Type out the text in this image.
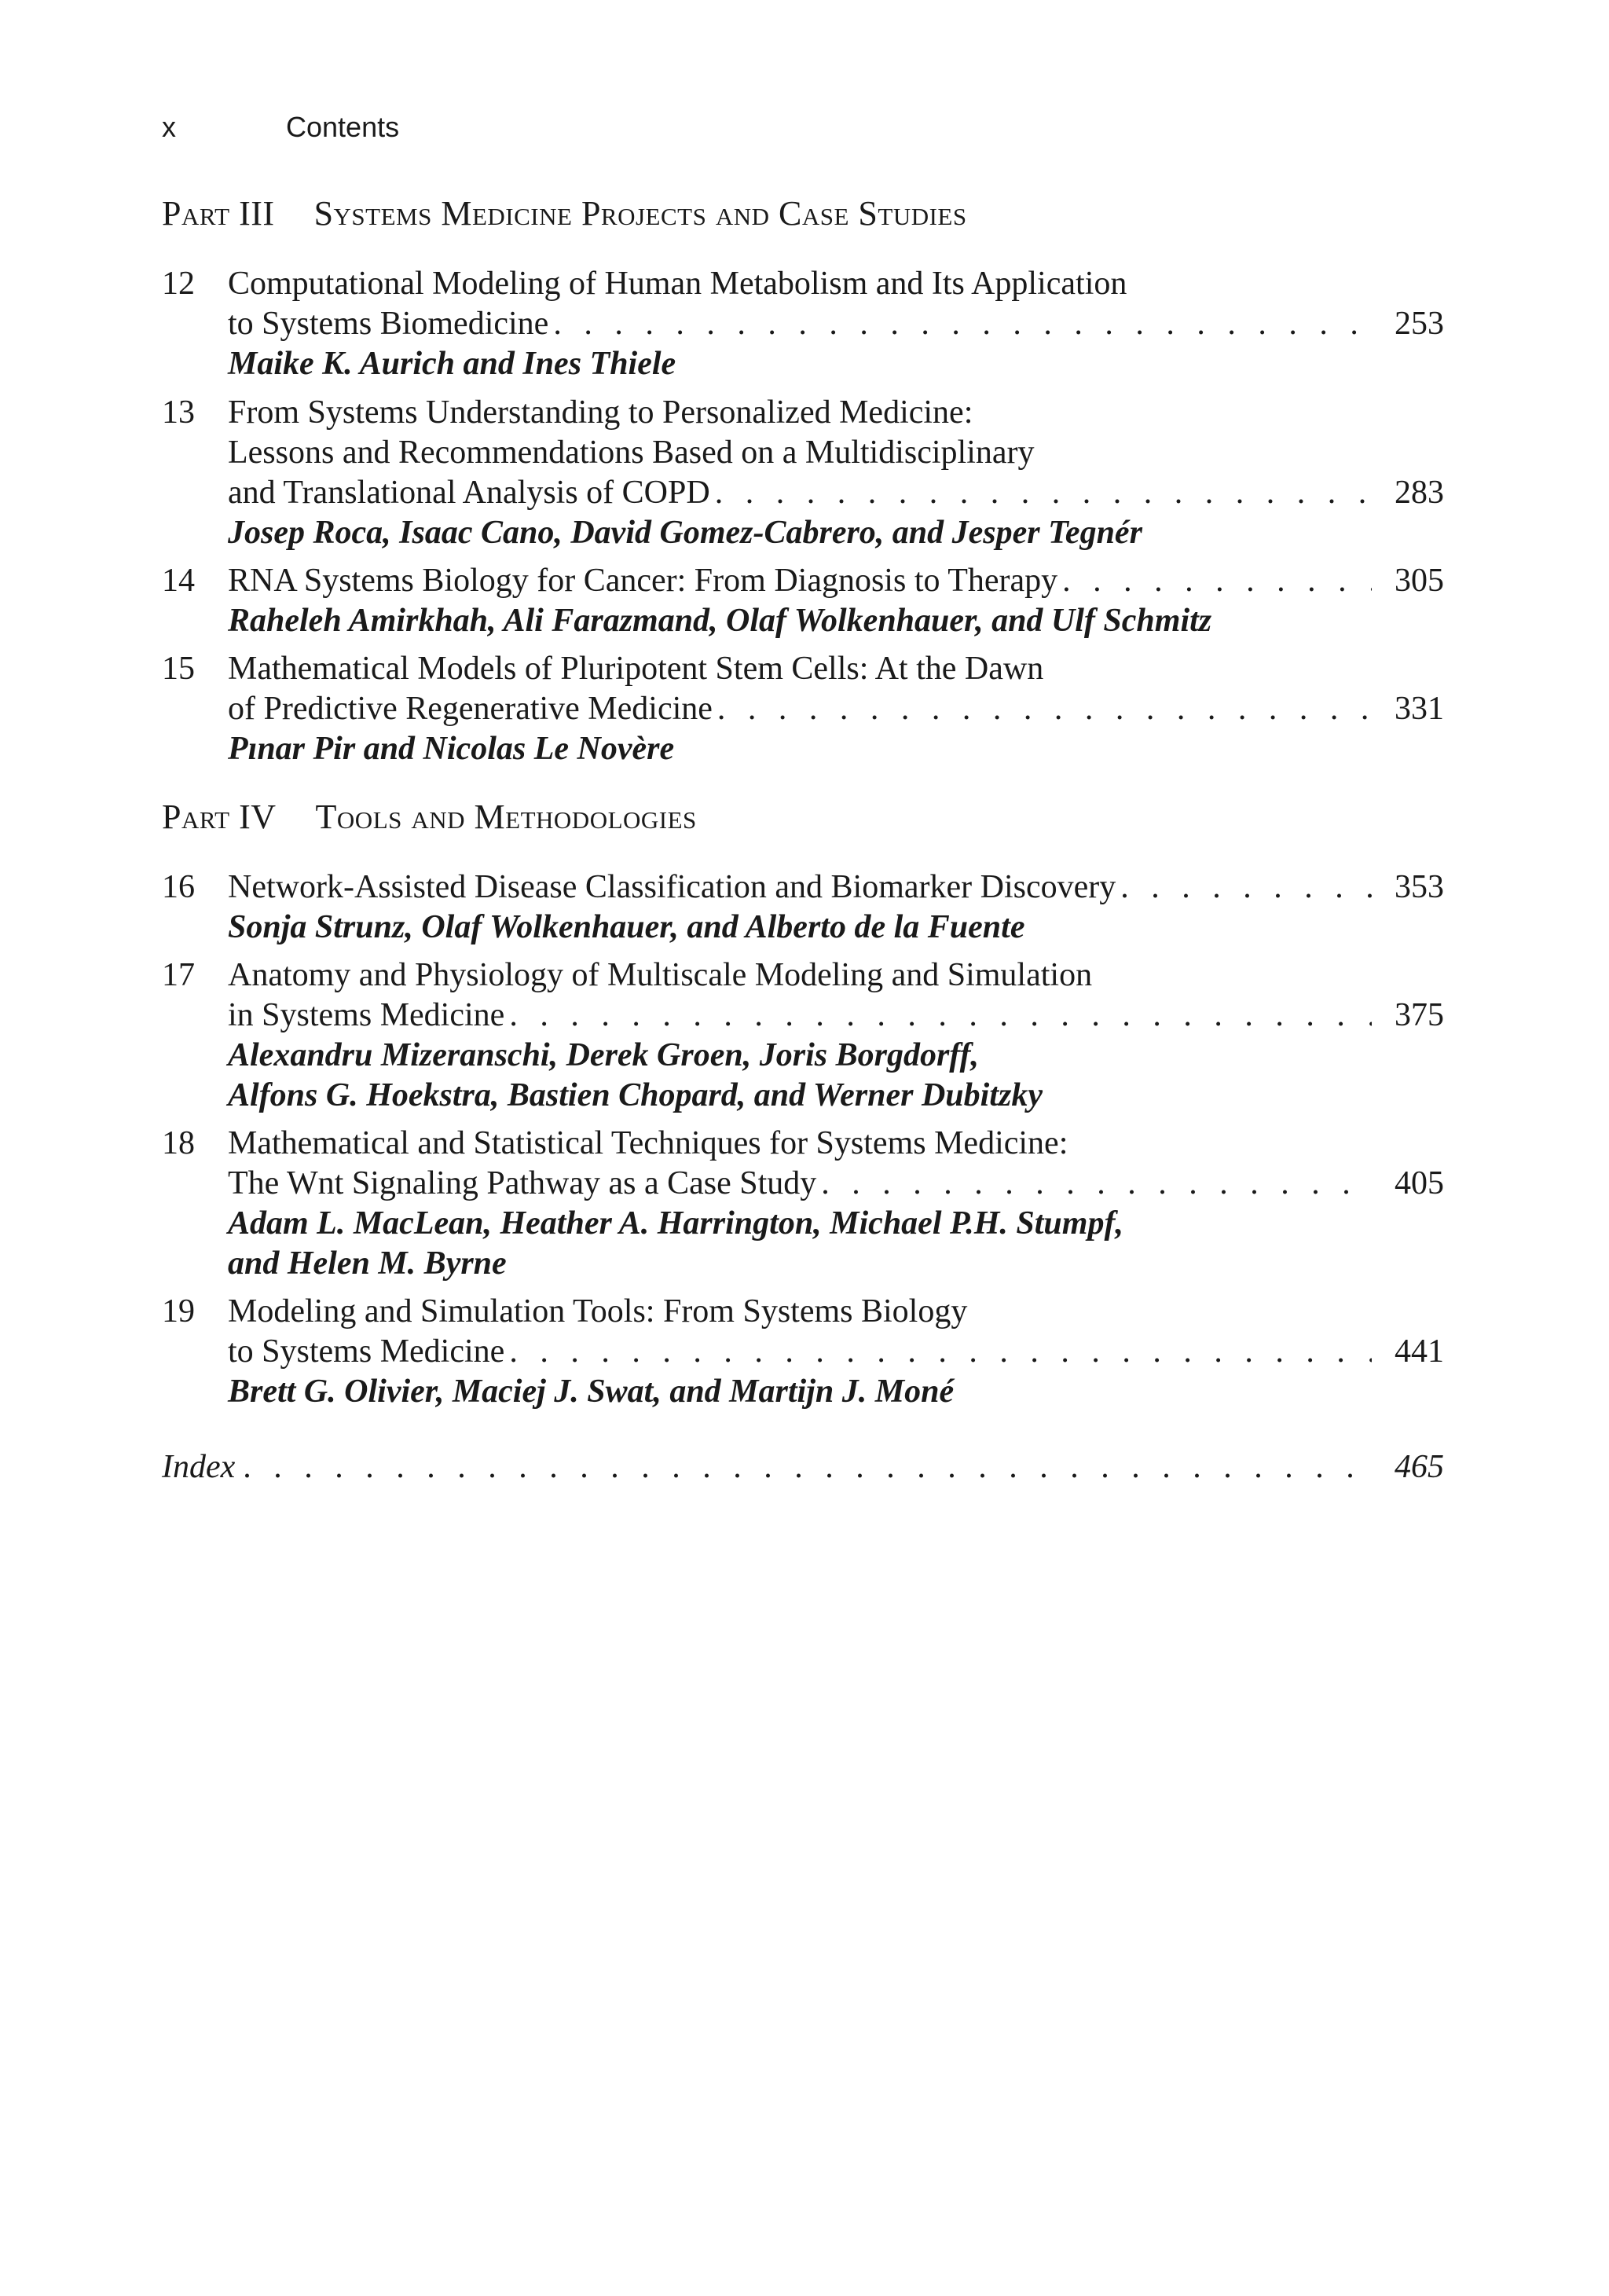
x	Contents
Part III Systems Medicine Projects and Case Studies
12	Computational Modeling of Human Metabolism and Its Application
to Systems Biomedicine . . .	253
Maike K. Aurich and Ines Thiele
13	From Systems Understanding to Personalized Medicine:
Lessons and Recommendations Based on a Multidisciplinary
and Translational Analysis of COPD . . .	283
Josep Roca, Isaac Cano, David Gomez-Cabrero, and Jesper Tegnér
14	RNA Systems Biology for Cancer: From Diagnosis to Therapy . . .	305
Raheleh Amirkhah, Ali Farazmand, Olaf Wolkenhauer, and Ulf Schmitz
15	Mathematical Models of Pluripotent Stem Cells: At the Dawn
of Predictive Regenerative Medicine . . .	331
Pınar Pir and Nicolas Le Novère
Part IV Tools and Methodologies
16	Network-Assisted Disease Classification and Biomarker Discovery . . .	353
Sonja Strunz, Olaf Wolkenhauer, and Alberto de la Fuente
17	Anatomy and Physiology of Multiscale Modeling and Simulation
in Systems Medicine . . .	375
Alexandru Mizeranschi, Derek Groen, Joris Borgdorff,
Alfons G. Hoekstra, Bastien Chopard, and Werner Dubitzky
18	Mathematical and Statistical Techniques for Systems Medicine:
The Wnt Signaling Pathway as a Case Study . . .	405
Adam L. MacLean, Heather A. Harrington, Michael P.H. Stumpf,
and Helen M. Byrne
19	Modeling and Simulation Tools: From Systems Biology
to Systems Medicine . . .	441
Brett G. Olivier, Maciej J. Swat, and Martijn J. Moné
Index . . .	465
